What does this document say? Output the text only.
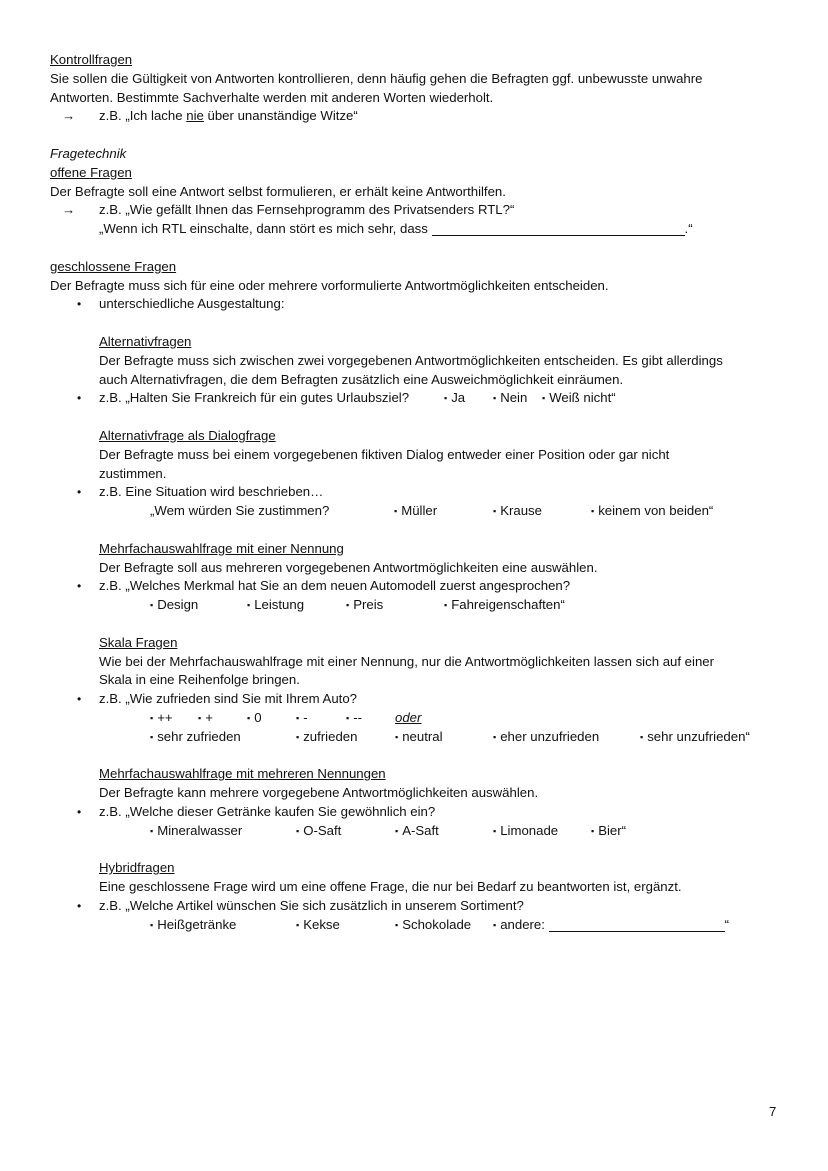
Kontrollfragen
Sie sollen die Gültigkeit von Antworten kontrollieren, denn häufig gehen die Befragten ggf. unbewusste unwahre
Antworten. Bestimmte Sachverhalte werden mit anderen Worten wiederholt.
→ z.B. „Ich lache nie über unanständige Witze“
Fragetechnik
offene Fragen
Der Befragte soll eine Antwort selbst formulieren, er erhält keine Antworthilfen.
→ z.B. „Wie gefällt Ihnen das Fernsehprogramm des Privatsenders RTL?“
„Wenn ich RTL einschalte, dann stört es mich sehr, dass	.“
geschlossene Fragen
Der Befragte muss sich für eine oder mehrere vorformulierte Antwortmöglichkeiten entscheiden.
• unterschiedliche Ausgestaltung:
Alternativfragen
Der Befragte muss sich zwischen zwei vorgegebenen Antwortmöglichkeiten entscheiden. Es gibt allerdings
auch Alternativfragen, die dem Befragten zusätzlich eine Ausweichmöglichkeit einräumen.
• z.B. „Halten Sie Frankreich für ein gutes Urlaubsziel?	▪ Ja	▪ Nein ▪ Weiß nicht“
Alternativfrage als Dialogfrage
Der Befragte muss bei einem vorgegebenen fiktiven Dialog entweder einer Position oder gar nicht
zustimmen.
• z.B. Eine Situation wird beschrieben…
„Wem würden Sie zustimmen?	▪ Müller	▪ Krause	▪ keinem von beiden“
Mehrfachauswahlfrage mit einer Nennung
Der Befragte soll aus mehreren vorgegebenen Antwortmöglichkeiten eine auswählen.
• z.B. „Welches Merkmal hat Sie an dem neuen Automodell zuerst angesprochen?
▪ Design	▪ Leistung	▪ Preis	▪ Fahreigenschaften“
Skala Fragen
Wie bei der Mehrfachauswahlfrage mit einer Nennung, nur die Antwortmöglichkeiten lassen sich auf einer
Skala in eine Reihenfolge bringen.
• z.B. „Wie zufrieden sind Sie mit Ihrem Auto?
▪ ++	▪ +	▪ 0	▪ -	▪ --	oder
▪ sehr zufrieden	▪ zufrieden	▪ neutral	▪ eher unzufrieden	▪ sehr unzufrieden“
Mehrfachauswahlfrage mit mehreren Nennungen
Der Befragte kann mehrere vorgegebene Antwortmöglichkeiten auswählen.
• z.B. „Welche dieser Getränke kaufen Sie gewöhnlich ein?
▪ Mineralwasser	▪ O-Saft	▪ A-Saft	▪ Limonade	▪ Bier“
Hybridfragen
Eine geschlossene Frage wird um eine offene Frage, die nur bei Bedarf zu beantworten ist, ergänzt.
• z.B. „Welche Artikel wünschen Sie sich zusätzlich in unserem Sortiment?
▪ Heißgetränke	▪ Kekse	▪ Schokolade ▪ andere:	“
7
